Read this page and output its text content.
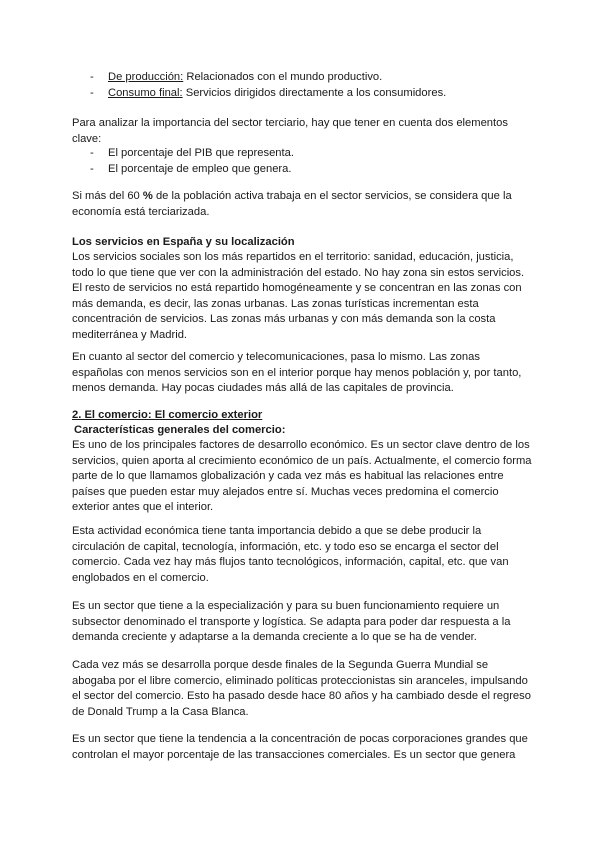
- De producción: Relacionados con el mundo productivo.
- Consumo final: Servicios dirigidos directamente a los consumidores.

Para analizar la importancia del sector terciario, hay que tener en cuenta dos elementos clave:

- El porcentaje del PIB que representa.
- El porcentaje de empleo que genera.

Si más del 60 % de la población activa trabaja en el sector servicios, se considera que la economía está terciarizada.

Los servicios en España y su localización

Los servicios sociales son los más repartidos en el territorio: sanidad, educación, justicia, todo lo que tiene que ver con la administración del estado. No hay zona sin estos servicios. El resto de servicios no está repartido homogéneamente y se concentran en las zonas con más demanda, es decir, las zonas urbanas. Las zonas turísticas incrementan esta concentración de servicios. Las zonas más urbanas y con más demanda son la costa mediterránea y Madrid.

En cuanto al sector del comercio y telecomunicaciones, pasa lo mismo. Las zonas españolas con menos servicios son en el interior porque hay menos población y, por tanto, menos demanda. Hay pocas ciudades más allá de las capitales de provincia.

2. El comercio: El comercio exterior

Características generales del comercio:

Es uno de los principales factores de desarrollo económico. Es un sector clave dentro de los servicios, quien aporta al crecimiento económico de un país. Actualmente, el comercio forma parte de lo que llamamos globalización y cada vez más es habitual las relaciones entre países que pueden estar muy alejados entre sí. Muchas veces predomina el comercio exterior antes que el interior.

Esta actividad económica tiene tanta importancia debido a que se debe producir la circulación de capital, tecnología, información, etc. y todo eso se encarga el sector del comercio. Cada vez hay más flujos tanto tecnológicos, información, capital, etc. que van englobados en el comercio.

Es un sector que tiene a la especialización y para su buen funcionamiento requiere un subsector denominado el transporte y logística. Se adapta para poder dar respuesta a la demanda creciente y adaptarse a la demanda creciente a lo que se ha de vender.

Cada vez más se desarrolla porque desde finales de la Segunda Guerra Mundial se abogaba por el libre comercio, eliminado políticas proteccionistas sin aranceles, impulsando el sector del comercio. Esto ha pasado desde hace 80 años y ha cambiado desde el regreso de Donald Trump a la Casa Blanca.

Es un sector que tiene la tendencia a la concentración de pocas corporaciones grandes que controlan el mayor porcentaje de las transacciones comerciales. Es un sector que genera
